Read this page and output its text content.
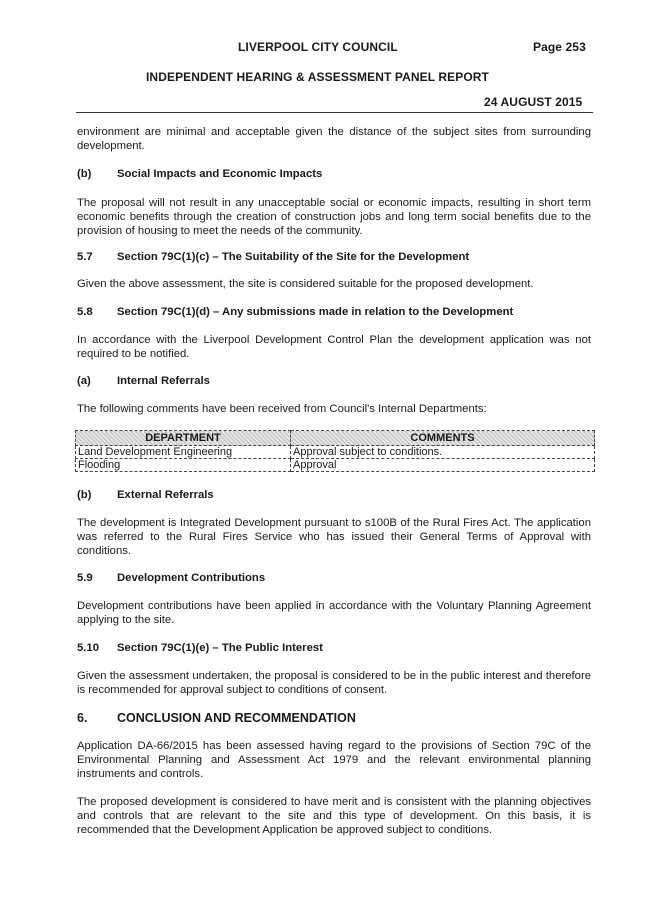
LIVERPOOL CITY COUNCIL	Page 253
INDEPENDENT HEARING & ASSESSMENT PANEL REPORT
24 AUGUST 2015
environment are minimal and acceptable given the distance of the subject sites from surrounding development.
(b) Social Impacts and Economic Impacts
The proposal will not result in any unacceptable social or economic impacts, resulting in short term economic benefits through the creation of construction jobs and long term social benefits due to the provision of housing to meet the needs of the community.
5.7 Section 79C(1)(c) – The Suitability of the Site for the Development
Given the above assessment, the site is considered suitable for the proposed development.
5.8 Section 79C(1)(d) – Any submissions made in relation to the Development
In accordance with the Liverpool Development Control Plan the development application was not required to be notified.
(a) Internal Referrals
The following comments have been received from Council's Internal Departments:
DEPARTMENT	COMMENTS
Land Development Engineering	Approval subject to conditions.
Flooding	Approval
(b) External Referrals
The development is Integrated Development pursuant to s100B of the Rural Fires Act. The application was referred to the Rural Fires Service who has issued their General Terms of Approval with conditions.
5.9 Development Contributions
Development contributions have been applied in accordance with the Voluntary Planning Agreement applying to the site.
5.10 Section 79C(1)(e) – The Public Interest
Given the assessment undertaken, the proposal is considered to be in the public interest and therefore is recommended for approval subject to conditions of consent.
6. CONCLUSION AND RECOMMENDATION
Application DA-66/2015 has been assessed having regard to the provisions of Section 79C of the Environmental Planning and Assessment Act 1979 and the relevant environmental planning instruments and controls.
The proposed development is considered to have merit and is consistent with the planning objectives and controls that are relevant to the site and this type of development. On this basis, it is recommended that the Development Application be approved subject to conditions.
